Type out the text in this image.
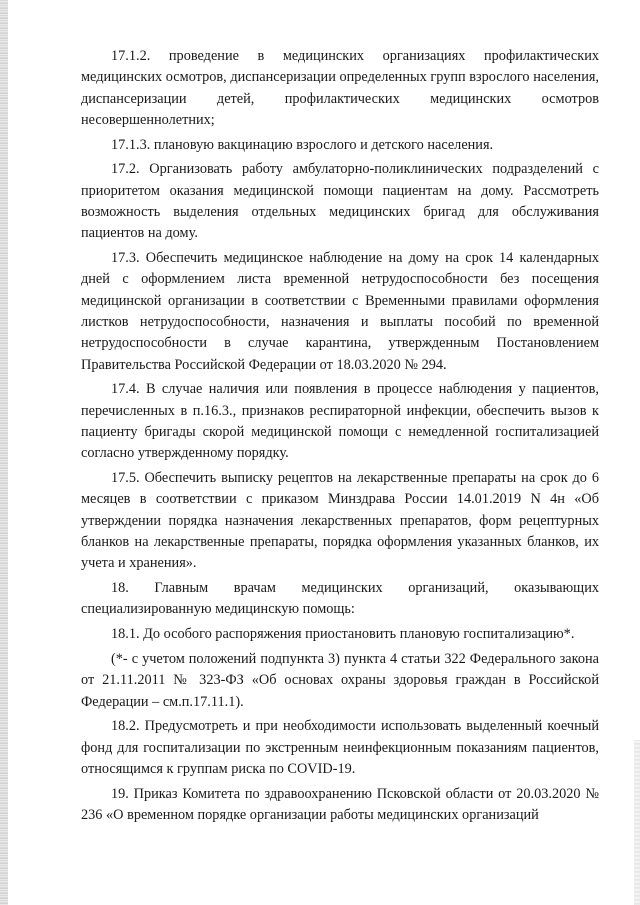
17.1.2. проведение в медицинских организациях профилактических медицинских осмотров, диспансеризации определенных групп взрослого населения, диспансеризации детей, профилактических медицинских осмотров несовершеннолетних;

17.1.3. плановую вакцинацию взрослого и детского населения.

17.2. Организовать работу амбулаторно-поликлинических подразделений с приоритетом оказания медицинской помощи пациентам на дому. Рассмотреть возможность выделения отдельных медицинских бригад для обслуживания пациентов на дому.

17.3. Обеспечить медицинское наблюдение на дому на срок 14 календарных дней с оформлением листа временной нетрудоспособности без посещения медицинской организации в соответствии с Временными правилами оформления листков нетрудоспособности, назначения и выплаты пособий по временной нетрудоспособности в случае карантина, утвержденным Постановлением Правительства Российской Федерации от 18.03.2020 № 294.

17.4. В случае наличия или появления в процессе наблюдения у пациентов, перечисленных в п.16.3., признаков респираторной инфекции, обеспечить вызов к пациенту бригады скорой медицинской помощи с немедленной госпитализацией согласно утвержденному порядку.

17.5. Обеспечить выписку рецептов на лекарственные препараты на срок до 6 месяцев в соответствии с приказом Минздрава России 14.01.2019 N 4н «Об утверждении порядка назначения лекарственных препаратов, форм рецептурных бланков на лекарственные препараты, порядка оформления указанных бланков, их учета и хранения».

18. Главным врачам медицинских организаций, оказывающих специализированную медицинскую помощь:

18.1. До особого распоряжения приостановить плановую госпитализацию*.

(*- с учетом положений подпункта 3) пункта 4 статьи 322 Федерального закона от 21.11.2011 № 323-ФЗ «Об основах охраны здоровья граждан в Российской Федерации – см.п.17.11.1).

18.2. Предусмотреть и при необходимости использовать выделенный коечный фонд для госпитализации по экстренным неинфекционным показаниям пациентов, относящимся к группам риска по COVID-19.

19. Приказ Комитета по здравоохранению Псковской области от 20.03.2020 № 236 «О временном порядке организации работы медицинских организаций
